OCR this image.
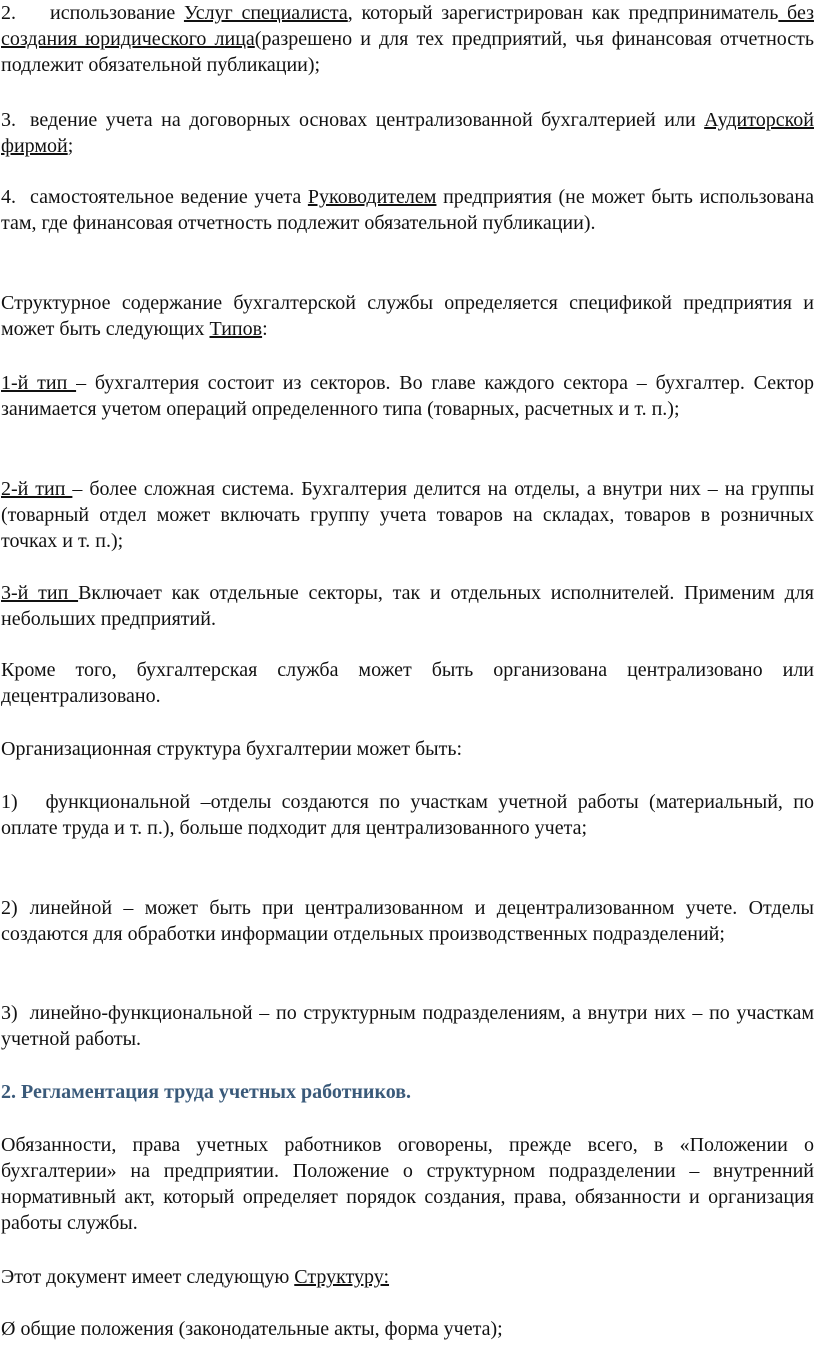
2. использование Услуг специалиста, который зарегистрирован как предприниматель без создания юридического лица(разрешено и для тех предприятий, чья финансовая отчетность подлежит обязательной публикации);

3. ведение учета на договорных основах централизованной бухгалтерией или Аудиторской фирмой;

4. самостоятельное ведение учета Руководителем предприятия (не может быть использована там, где финансовая отчетность подлежит обязательной публикации).

Структурное содержание бухгалтерской службы определяется спецификой предприятия и может быть следующих Типов:

1-й тип – бухгалтерия состоит из секторов. Во главе каждого сектора – бухгалтер. Сектор занимается учетом операций определенного типа (товарных, расчетных и т. п.);

2-й тип – более сложная система. Бухгалтерия делится на отделы, а внутри них – на группы (товарный отдел может включать группу учета товаров на складах, товаров в розничных точках и т. п.);

3-й тип Включает как отдельные секторы, так и отдельных исполнителей. Применим для небольших предприятий.

Кроме того, бухгалтерская служба может быть организована централизовано или децентрализовано.

Организационная структура бухгалтерии может быть:

1) функциональной –отделы создаются по участкам учетной работы (материальный, по оплате труда и т. п.), больше подходит для централизованного учета;

2) линейной – может быть при централизованном и децентрализованном учете. Отделы создаются для обработки информации отдельных производственных подразделений;

3) линейно-функциональной – по структурным подразделениям, а внутри них – по участкам учетной работы.

2. Регламентация труда учетных работников.

Обязанности, права учетных работников оговорены, прежде всего, в «Положении о бухгалтерии» на предприятии. Положение о структурном подразделении – внутренний нормативный акт, который определяет порядок создания, права, обязанности и организация работы службы.

Этот документ имеет следующую Структуру:

Ø общие положения (законодательные акты, форма учета);
